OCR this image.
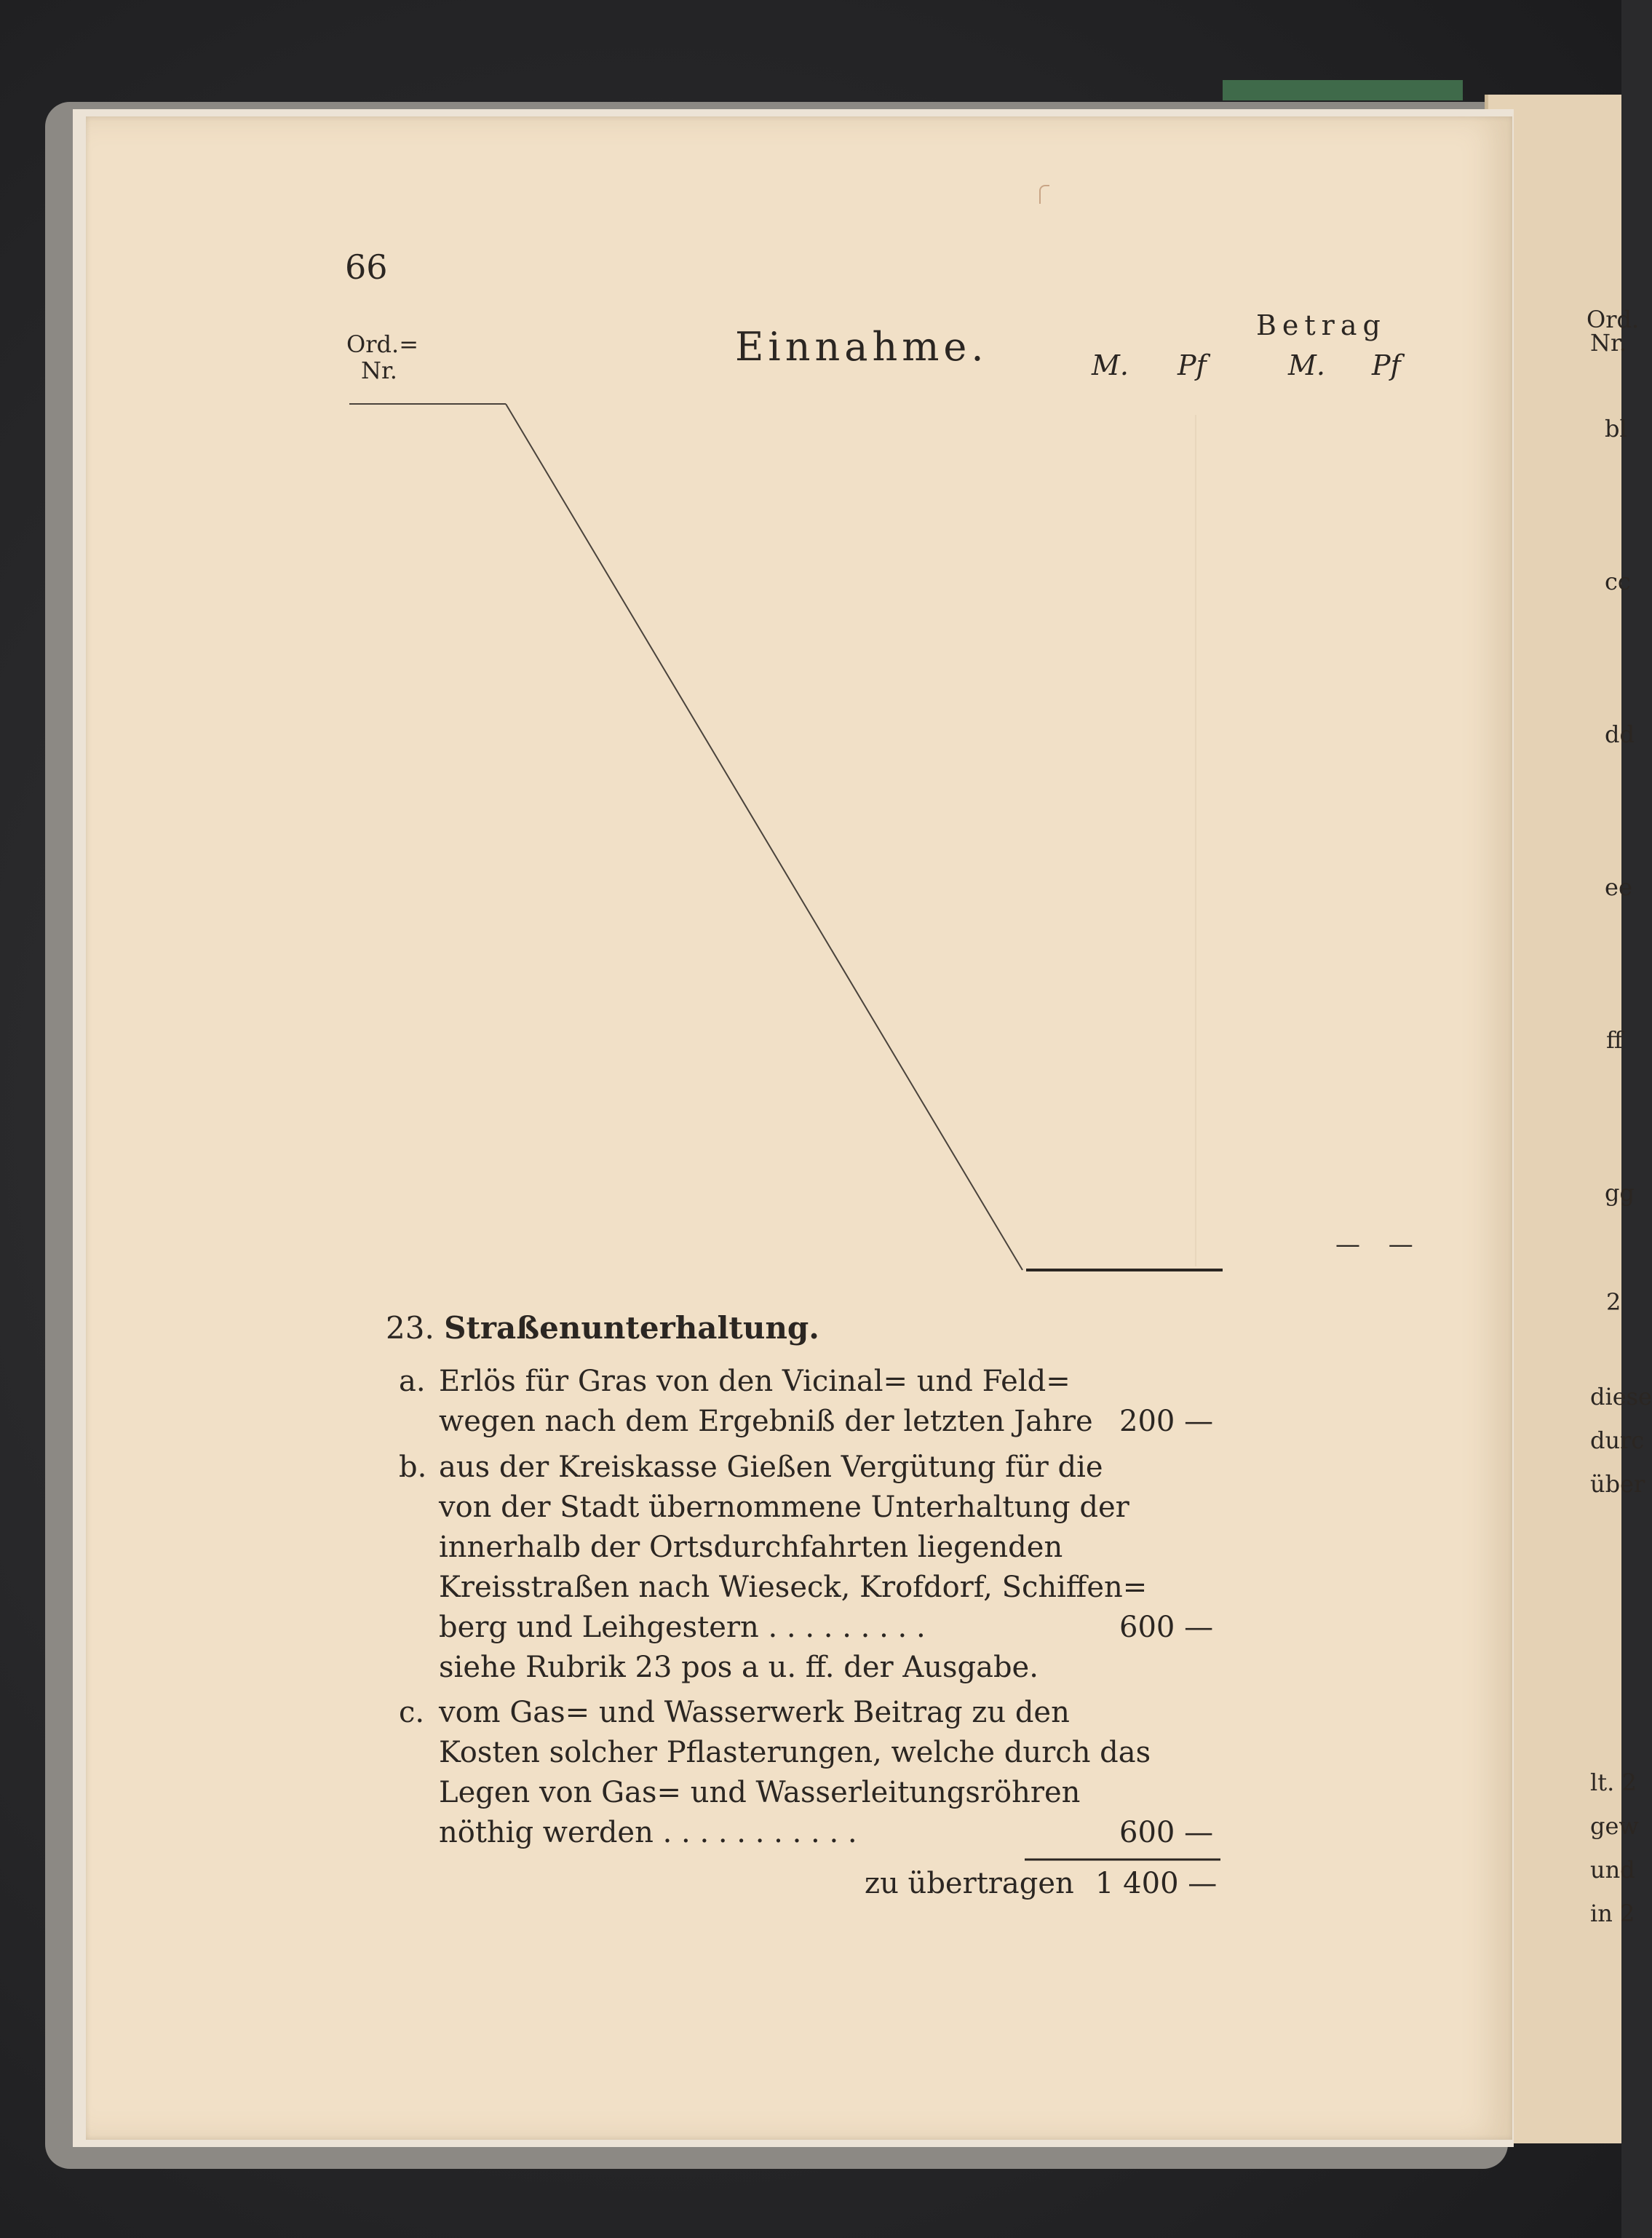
Ord.
Nr.
bl
cc
dd
ee
ff
gg
2
diese
durc
über
lt. 2
gew
und
in 2
66
Ord.=
Nr.
Einnahme.	Betrag
M. Pf	M. Pf
— —
23. Straßenunterhaltung.
a. Erlös für Gras von den Vicinal= und Feld=
wegen nach dem Ergebniß der letzten Jahre 200 —
b. aus der Kreiskasse Gießen Vergütung für die
von der Stadt übernommene Unterhaltung der
innerhalb der Ortsdurchfahrten liegenden
Kreisstraßen nach Wieseck, Krofdorf, Schiffen=
berg und Leihgestern . . . . . . . . .	600 —
siehe Rubrik 23 pos a u. ff. der Ausgabe.
c. vom Gas= und Wasserwerk Beitrag zu den
Kosten solcher Pflasterungen, welche durch das
Legen von Gas= und Wasserleitungsröhren
nöthig werden . . . . . . . . . . .	600 —
zu übertragen 1 400 —
